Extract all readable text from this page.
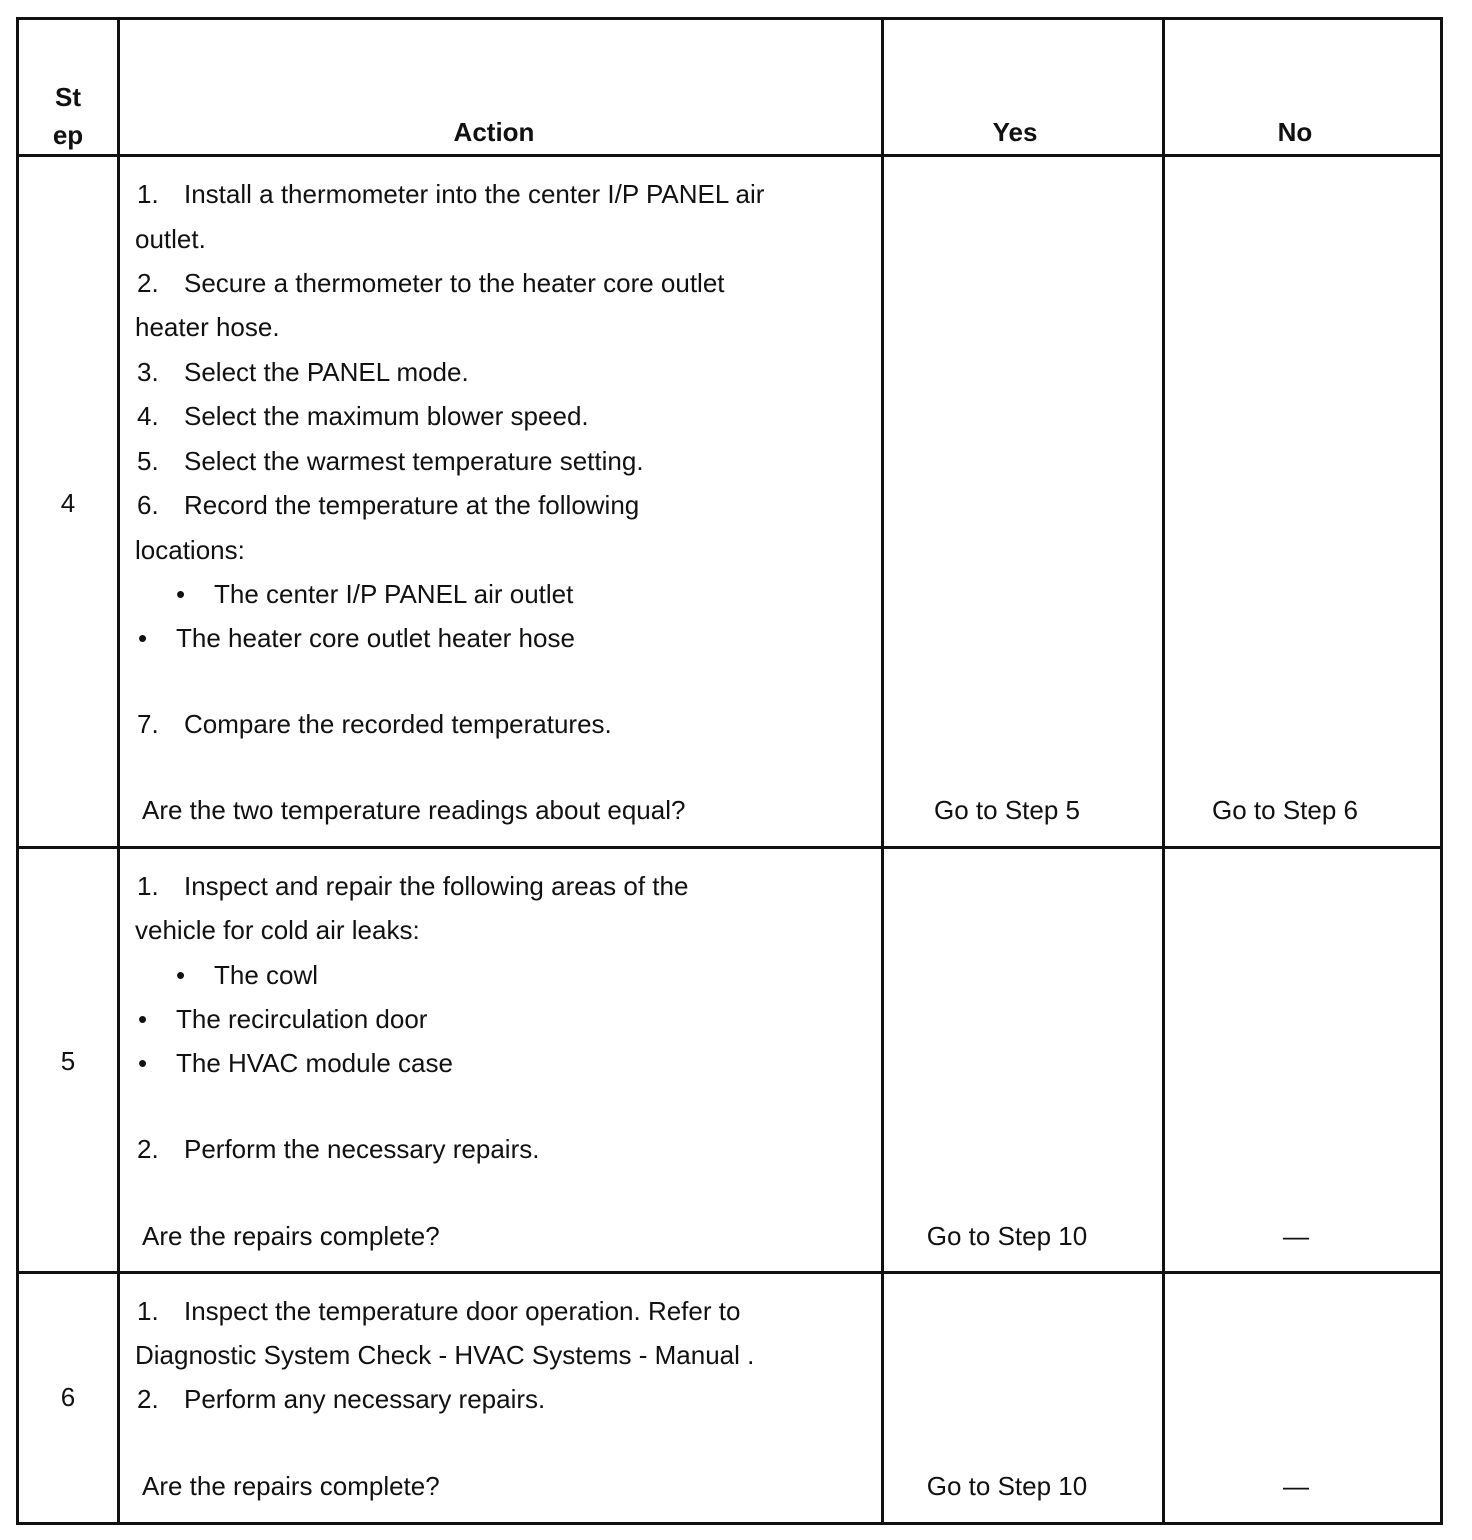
St
ep	Action	Yes	No
4
1. Install a thermometer into the center I/P PANEL air
outlet.
2. Secure a thermometer to the heater core outlet
heater hose.
3. Select the PANEL mode.
4. Select the maximum blower speed.
5. Select the warmest temperature setting.
6. Record the temperature at the following
locations:
• The center I/P PANEL air outlet
• The heater core outlet heater hose
7. Compare the recorded temperatures.
Are the two temperature readings about equal?	Go to Step 5	Go to Step 6
5
1. Inspect and repair the following areas of the
vehicle for cold air leaks:
• The cowl
• The recirculation door
• The HVAC module case
2. Perform the necessary repairs.
Are the repairs complete?	Go to Step 10	—
6
1. Inspect the temperature door operation. Refer to
Diagnostic System Check - HVAC Systems - Manual .
2. Perform any necessary repairs.
Are the repairs complete?	Go to Step 10	—
